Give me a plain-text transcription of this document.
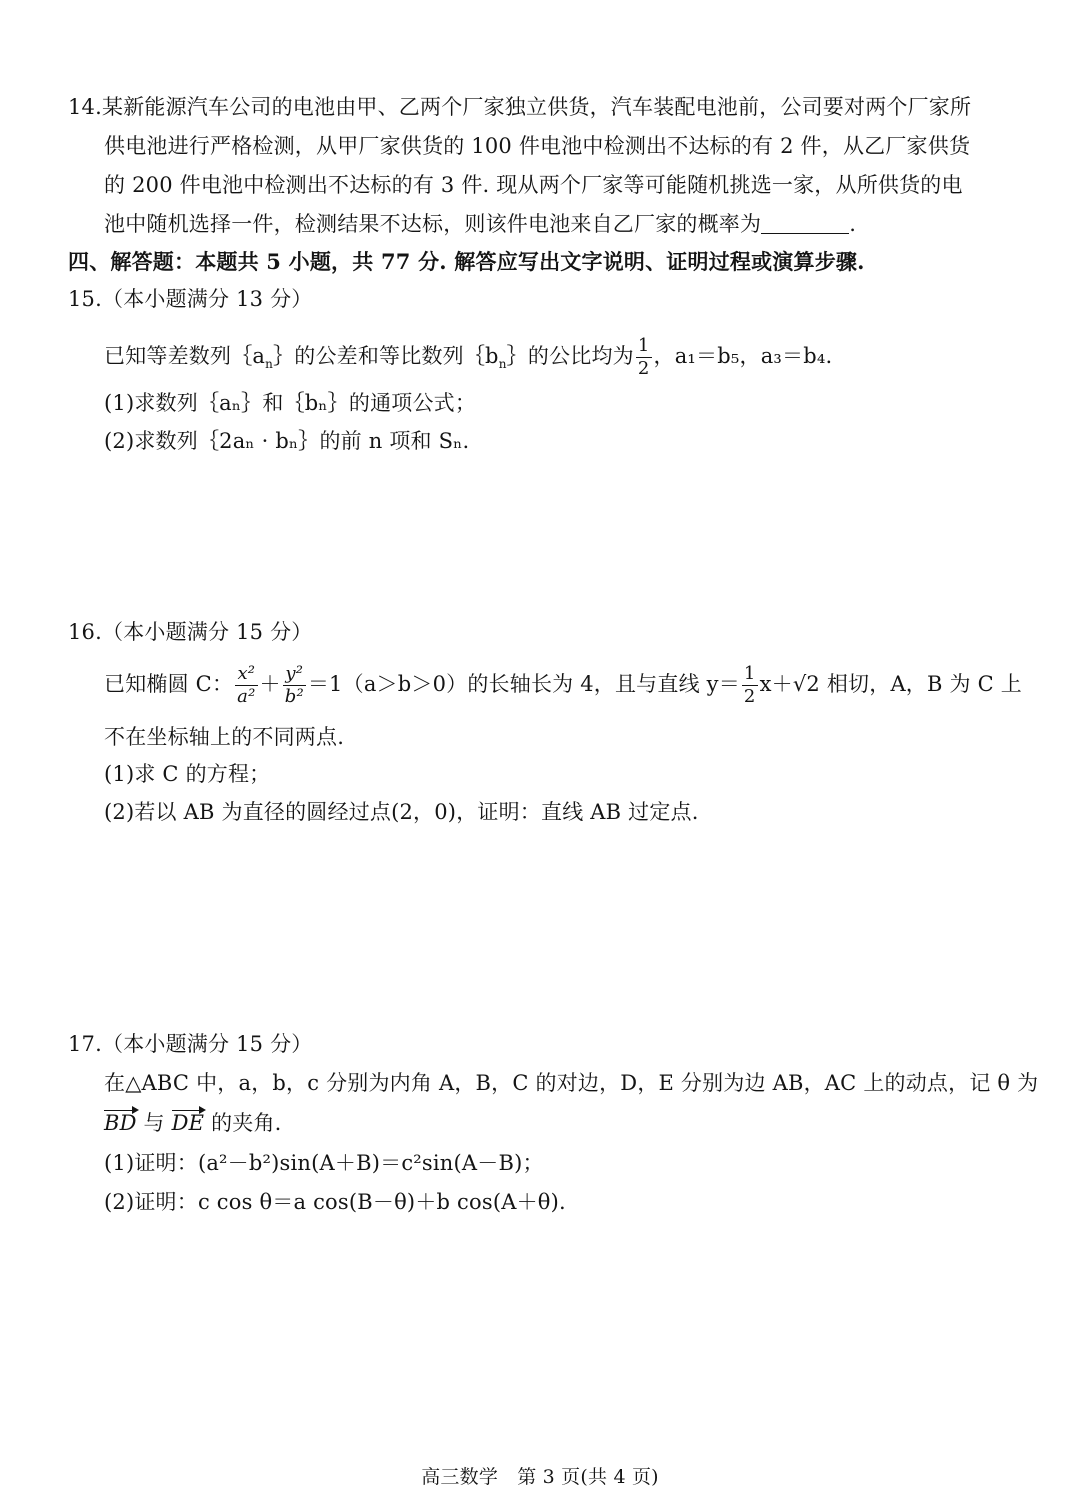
14.某新能源汽车公司的电池由甲、乙两个厂家独立供货，汽车装配电池前，公司要对两个厂家所
供电池进行严格检测，从甲厂家供货的 100 件电池中检测出不达标的有 2 件，从乙厂家供货
的 200 件电池中检测出不达标的有 3 件. 现从两个厂家等可能随机挑选一家，从所供货的电
池中随机选择一件，检测结果不达标，则该件电池来自乙厂家的概率为	.
四、解答题：本题共 5 小题，共 77 分. 解答应写出文字说明、证明过程或演算步骤.
15.（本小题满分 13 分）
已知等差数列$\{a_n\}$的公差和等比数列$\{b_n\}$的公比均为 $\frac{1}{2}$ ，a₁＝b₅，a₃＝b₄.
(1)求数列｛aₙ｝和｛bₙ｝的通项公式；
(2)求数列｛2aₙ · bₙ｝的前 n 项和 Sₙ.
16.（本小题满分 15 分）
已知椭圆 C： $\frac{\text{x²}}{\text{a²}} + \frac{\text{y²}}{\text{b²}} =1(a>b>0)$的长轴长为 4，且与直线 $y= \frac{1}{2} x+√2$ 相切，A，B 为 C 上
不在坐标轴上的不同两点.
(1)求 C 的方程；
(2)若以 AB 为直径的圆经过点(2，0)，证明：直线 AB 过定点.
17.（本小题满分 15 分）
在△ABC 中，a，b，c 分别为内角 A，B，C 的对边，D，E 分别为边 AB，AC 上的动点，记 θ 为
BD 与 DE 的夹角.
(1)证明：(a²－b²)sin(A＋B)＝c²sin(A－B)；
(2)证明：c cos θ＝a cos(B－θ)＋b cos(A＋θ).
高三数学　第 3 页(共 4 页)
